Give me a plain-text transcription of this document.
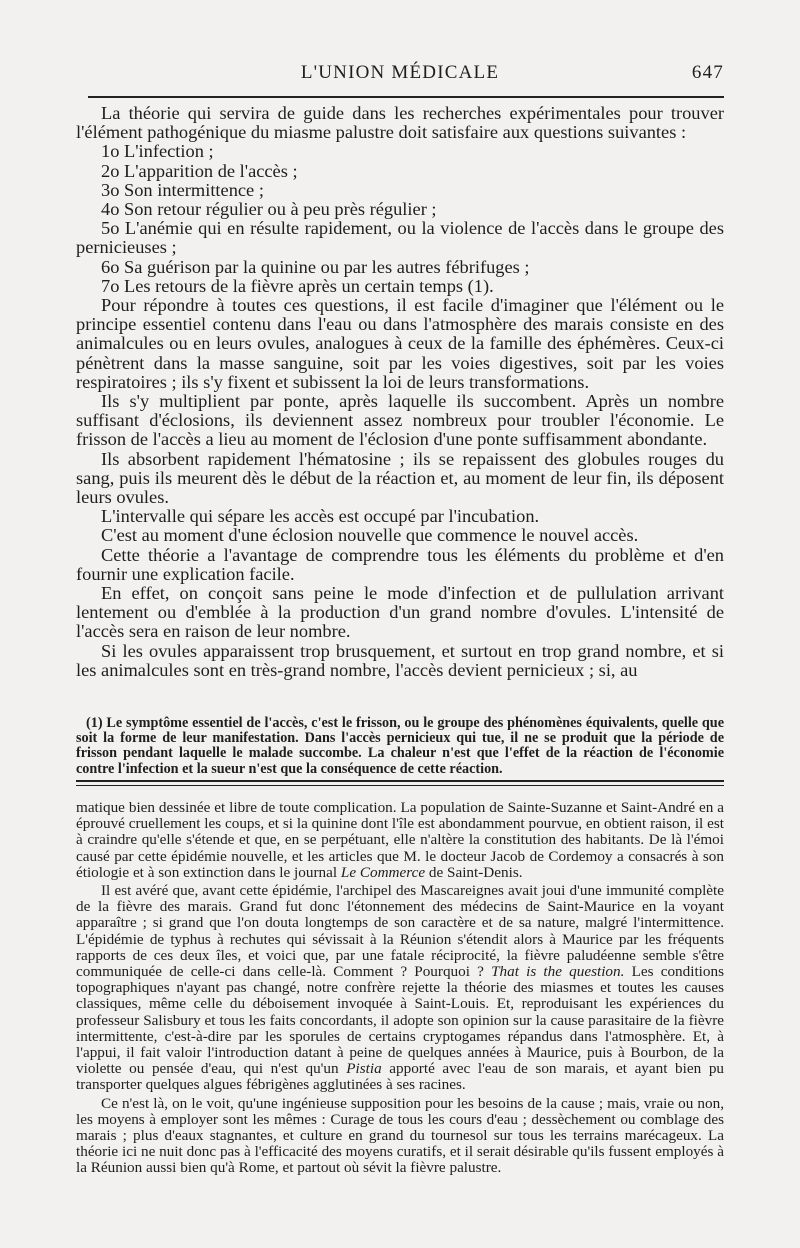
L'UNION MÉDICALE	647

La théorie qui servira de guide dans les recherches expérimentales pour trouver l'élément pathogénique du miasme palustre doit satisfaire aux questions suivantes :

1o L'infection ;

2o L'apparition de l'accès ;

3o Son intermittence ;

4o Son retour régulier ou à peu près régulier ;

5o L'anémie qui en résulte rapidement, ou la violence de l'accès dans le groupe des pernicieuses ;

6o Sa guérison par la quinine ou par les autres fébrifuges ;

7o Les retours de la fièvre après un certain temps (1).

Pour répondre à toutes ces questions, il est facile d'imaginer que l'élément ou le principe essentiel contenu dans l'eau ou dans l'atmosphère des marais consiste en des animalcules ou en leurs ovules, analogues à ceux de la famille des éphémères. Ceux-ci pénètrent dans la masse sanguine, soit par les voies digestives, soit par les voies respiratoires ; ils s'y fixent et subissent la loi de leurs transformations.

Ils s'y multiplient par ponte, après laquelle ils succombent. Après un nombre suffisant d'éclosions, ils deviennent assez nombreux pour troubler l'économie. Le frisson de l'accès a lieu au moment de l'éclosion d'une ponte suffisamment abondante.

Ils absorbent rapidement l'hématosine ; ils se repaissent des globules rouges du sang, puis ils meurent dès le début de la réaction et, au moment de leur fin, ils déposent leurs ovules.

L'intervalle qui sépare les accès est occupé par l'incubation.

C'est au moment d'une éclosion nouvelle que commence le nouvel accès.

Cette théorie a l'avantage de comprendre tous les éléments du problème et d'en fournir une explication facile.

En effet, on conçoit sans peine le mode d'infection et de pullulation arrivant lentement ou d'emblée à la production d'un grand nombre d'ovules. L'intensité de l'accès sera en raison de leur nombre.

Si les ovules apparaissent trop brusquement, et surtout en trop grand nombre, et si les animalcules sont en très-grand nombre, l'accès devient pernicieux ; si, au

(1) Le symptôme essentiel de l'accès, c'est le frisson, ou le groupe des phénomènes équivalents, quelle que soit la forme de leur manifestation. Dans l'accès pernicieux qui tue, il ne se produit que la période de frisson pendant laquelle le malade succombe. La chaleur n'est que l'effet de la réaction de l'économie contre l'infection et la sueur n'est que la conséquence de cette réaction.

matique bien dessinée et libre de toute complication. La population de Sainte-Suzanne et Saint-André en a éprouvé cruellement les coups, et si la quinine dont l'île est abondamment pourvue, en obtient raison, il est à craindre qu'elle s'étende et que, en se perpétuant, elle n'altère la constitution des habitants. De là l'émoi causé par cette épidémie nouvelle, et les articles que M. le docteur Jacob de Cordemoy a consacrés à son étiologie et à son extinction dans le journal Le Commerce de Saint-Denis.

Il est avéré que, avant cette épidémie, l'archipel des Mascareignes avait joui d'une immunité complète de la fièvre des marais. Grand fut donc l'étonnement des médecins de Saint-Maurice en la voyant apparaître ; si grand que l'on douta longtemps de son caractère et de sa nature, malgré l'intermittence. L'épidémie de typhus à rechutes qui sévissait à la Réunion s'étendit alors à Maurice par les fréquents rapports de ces deux îles, et voici que, par une fatale réciprocité, la fièvre paludéenne semble s'être communiquée de celle-ci dans celle-là. Comment ? Pourquoi ? That is the question. Les conditions topographiques n'ayant pas changé, notre confrère rejette la théorie des miasmes et toutes les causes classiques, même celle du déboisement invoquée à Saint-Louis. Et, reproduisant les expériences du professeur Salisbury et tous les faits concordants, il adopte son opinion sur la cause parasitaire de la fièvre intermittente, c'est-à-dire par les sporules de certains cryptogames répandus dans l'atmosphère. Et, à l'appui, il fait valoir l'introduction datant à peine de quelques années à Maurice, puis à Bourbon, de la violette ou pensée d'eau, qui n'est qu'un Pistia apporté avec l'eau de son marais, et ayant bien pu transporter quelques algues fébrigènes agglutinées à ses racines.

Ce n'est là, on le voit, qu'une ingénieuse supposition pour les besoins de la cause ; mais, vraie ou non, les moyens à employer sont les mêmes : Curage de tous les cours d'eau ; dessèchement ou comblage des marais ; plus d'eaux stagnantes, et culture en grand du tournesol sur tous les terrains marécageux. La théorie ici ne nuit donc pas à l'efficacité des moyens curatifs, et il serait désirable qu'ils fussent employés à la Réunion aussi bien qu'à Rome, et partout où sévit la fièvre palustre.
